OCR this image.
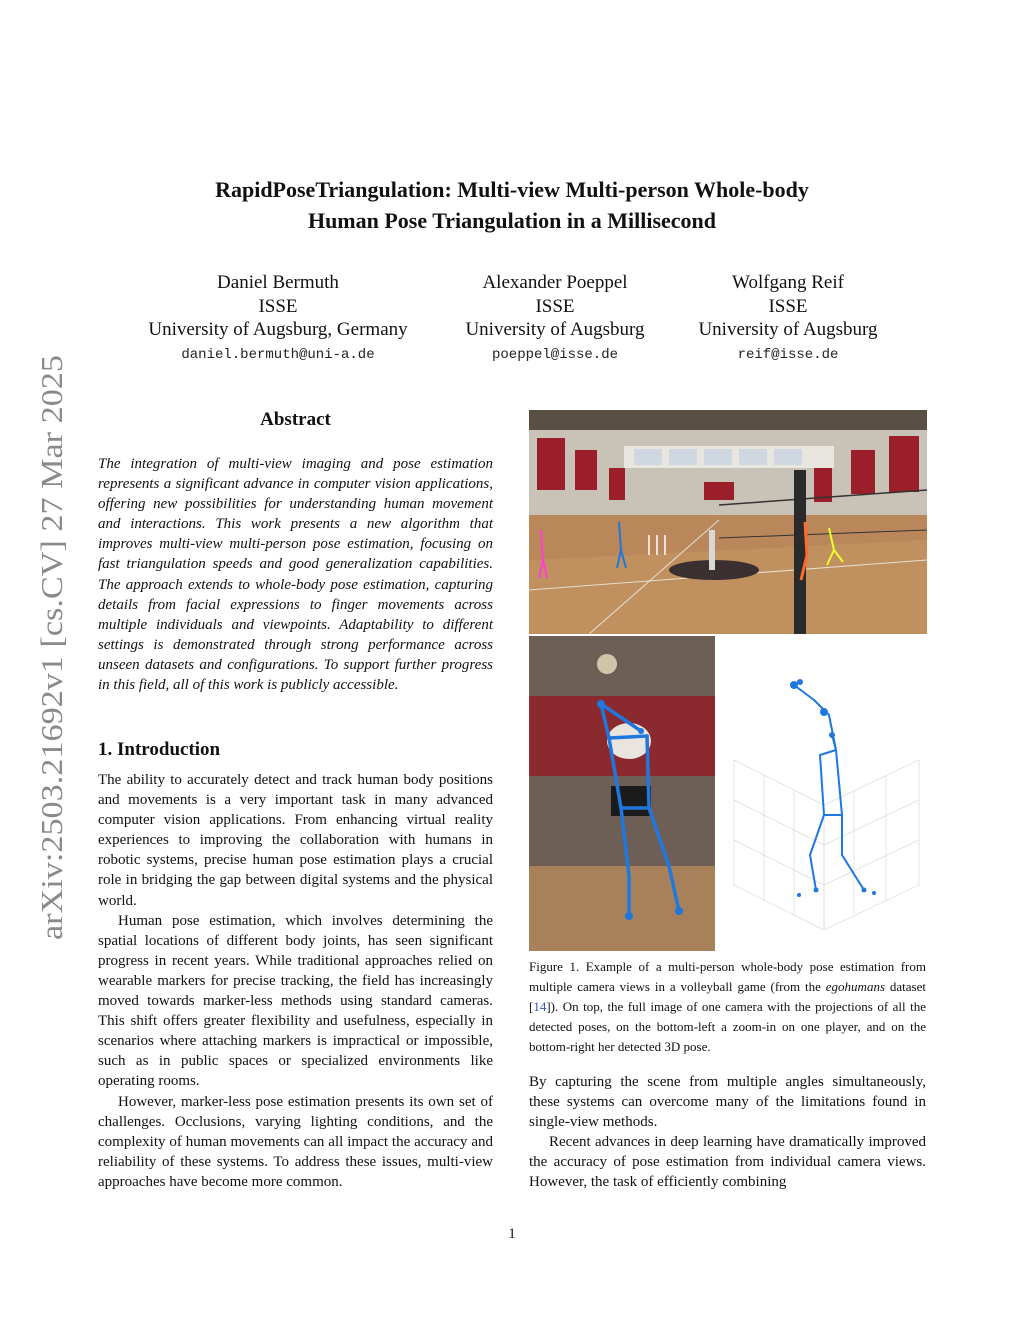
arXiv:2503.21692v1 [cs.CV] 27 Mar 2025
RapidPoseTriangulation: Multi-view Multi-person Whole-body
Human Pose Triangulation in a Millisecond
Daniel Bermuth
ISSE
University of Augsburg, Germany
daniel.bermuth@uni-a.de
Alexander Poeppel
ISSE
University of Augsburg
poeppel@isse.de
Wolfgang Reif
ISSE
University of Augsburg
reif@isse.de
Abstract
The integration of multi-view imaging and pose estimation represents a significant advance in computer vision applications, offering new possibilities for understanding human movement and interactions. This work presents a new algorithm that improves multi-view multi-person pose estimation, focusing on fast triangulation speeds and good generalization capabilities. The approach extends to whole-body pose estimation, capturing details from facial expressions to finger movements across multiple individuals and viewpoints. Adaptability to different settings is demonstrated through strong performance across unseen datasets and configurations. To support further progress in this field, all of this work is publicly accessible.
1. Introduction

The ability to accurately detect and track human body positions and movements is a very important task in many advanced computer vision applications. From enhancing virtual reality experiences to improving the collaboration with humans in robotic systems, precise human pose estimation plays a crucial role in bridging the gap between digital systems and the physical world.

Human pose estimation, which involves determining the spatial locations of different body joints, has seen significant progress in recent years. While traditional approaches relied on wearable markers for precise tracking, the field has increasingly moved towards marker-less methods using standard cameras. This shift offers greater flexibility and usefulness, especially in scenarios where attaching markers is impractical or impossible, such as in public spaces or specialized environments like operating rooms.

However, marker-less pose estimation presents its own set of challenges. Occlusions, varying lighting conditions, and the complexity of human movements can all impact the accuracy and reliability of these systems. To address these issues, multi-view approaches have become more common.

Figure 1. Example of a multi-person whole-body pose estimation from multiple camera views in a volleyball game (from the egohumans dataset [14]). On top, the full image of one camera with the projections of all the detected poses, on the bottom-left a zoom-in on one player, and on the bottom-right her detected 3D pose.

By capturing the scene from multiple angles simultaneously, these systems can overcome many of the limitations found in single-view methods.

Recent advances in deep learning have dramatically improved the accuracy of pose estimation from individual camera views. However, the task of efficiently combining

1
